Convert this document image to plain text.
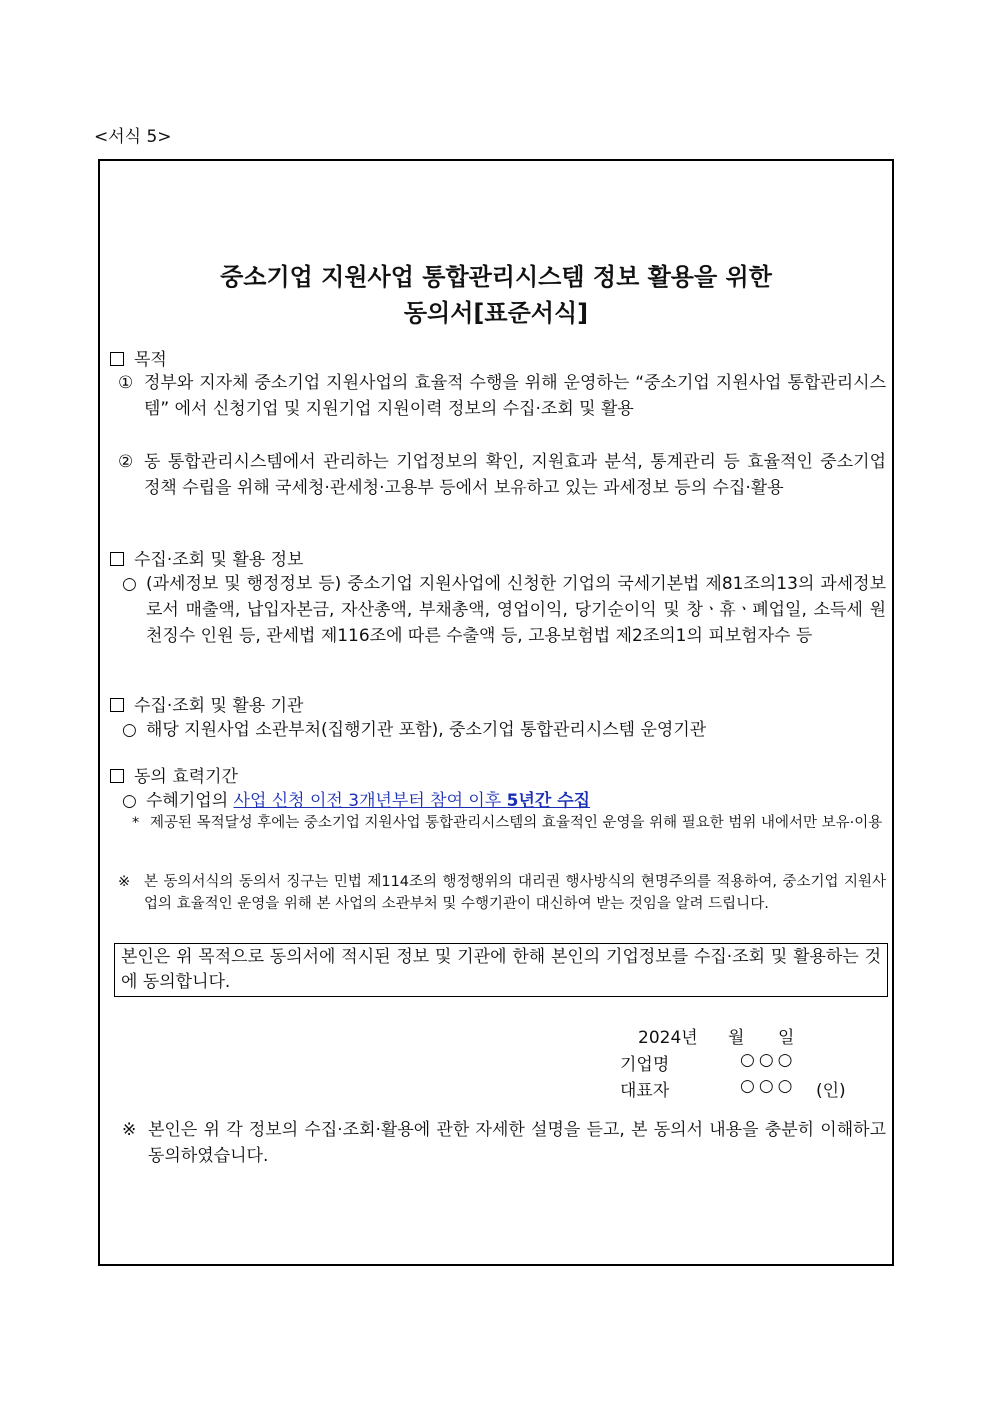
<서식 5>
중소기업 지원사업 통합관리시스템 정보 활용을 위한
동의서[표준서식]
목적
① 정부와 지자체 중소기업 지원사업의 효율적 수행을 위해 운영하는 “중소기업 지원사업 통합관리시스템” 에서 신청기업 및 지원기업 지원이력 정보의 수집·조회 및 활용
② 동 통합관리시스템에서 관리하는 기업정보의 확인, 지원효과 분석, 통계관리 등 효율적인 중소기업 정책 수립을 위해 국세청·관세청·고용부 등에서 보유하고 있는 과세정보 등의 수집·활용
수집·조회 및 활용 정보
○ (과세정보 및 행정정보 등) 중소기업 지원사업에 신청한 기업의 국세기본법 제81조의13의 과세정보로서 매출액, 납입자본금, 자산총액, 부채총액, 영업이익, 당기순이익 및 창ㆍ휴ㆍ폐업일, 소득세 원천징수 인원 등, 관세법 제116조에 따른 수출액 등, 고용보험법 제2조의1의 피보험자수 등
수집·조회 및 활용 기관
○ 해당 지원사업 소관부처(집행기관 포함), 중소기업 통합관리시스템 운영기관
동의 효력기간
○ 수혜기업의 사업 신청 이전 3개년부터 참여 이후 5년간 수집
* 제공된 목적달성 후에는 중소기업 지원사업 통합관리시스템의 효율적인 운영을 위해 필요한 범위 내에서만 보유·이용
※ 본 동의서식의 동의서 징구는 민법 제114조의 행정행위의 대리권 행사방식의 현명주의를 적용하여, 중소기업 지원사업의 효율적인 운영을 위해 본 사업의 소관부처 및 수행기관이 대신하여 받는 것임을 알려 드립니다.
본인은 위 목적으로 동의서에 적시된 정보 및 기관에 한해 본인의 기업정보를 수집·조회 및 활용하는 것에 동의합니다.
2024년 월 일
기업명	○○○
대표자	○○○ (인)
※ 본인은 위 각 정보의 수집·조회·활용에 관한 자세한 설명을 듣고, 본 동의서 내용을 충분히 이해하고 동의하였습니다.
